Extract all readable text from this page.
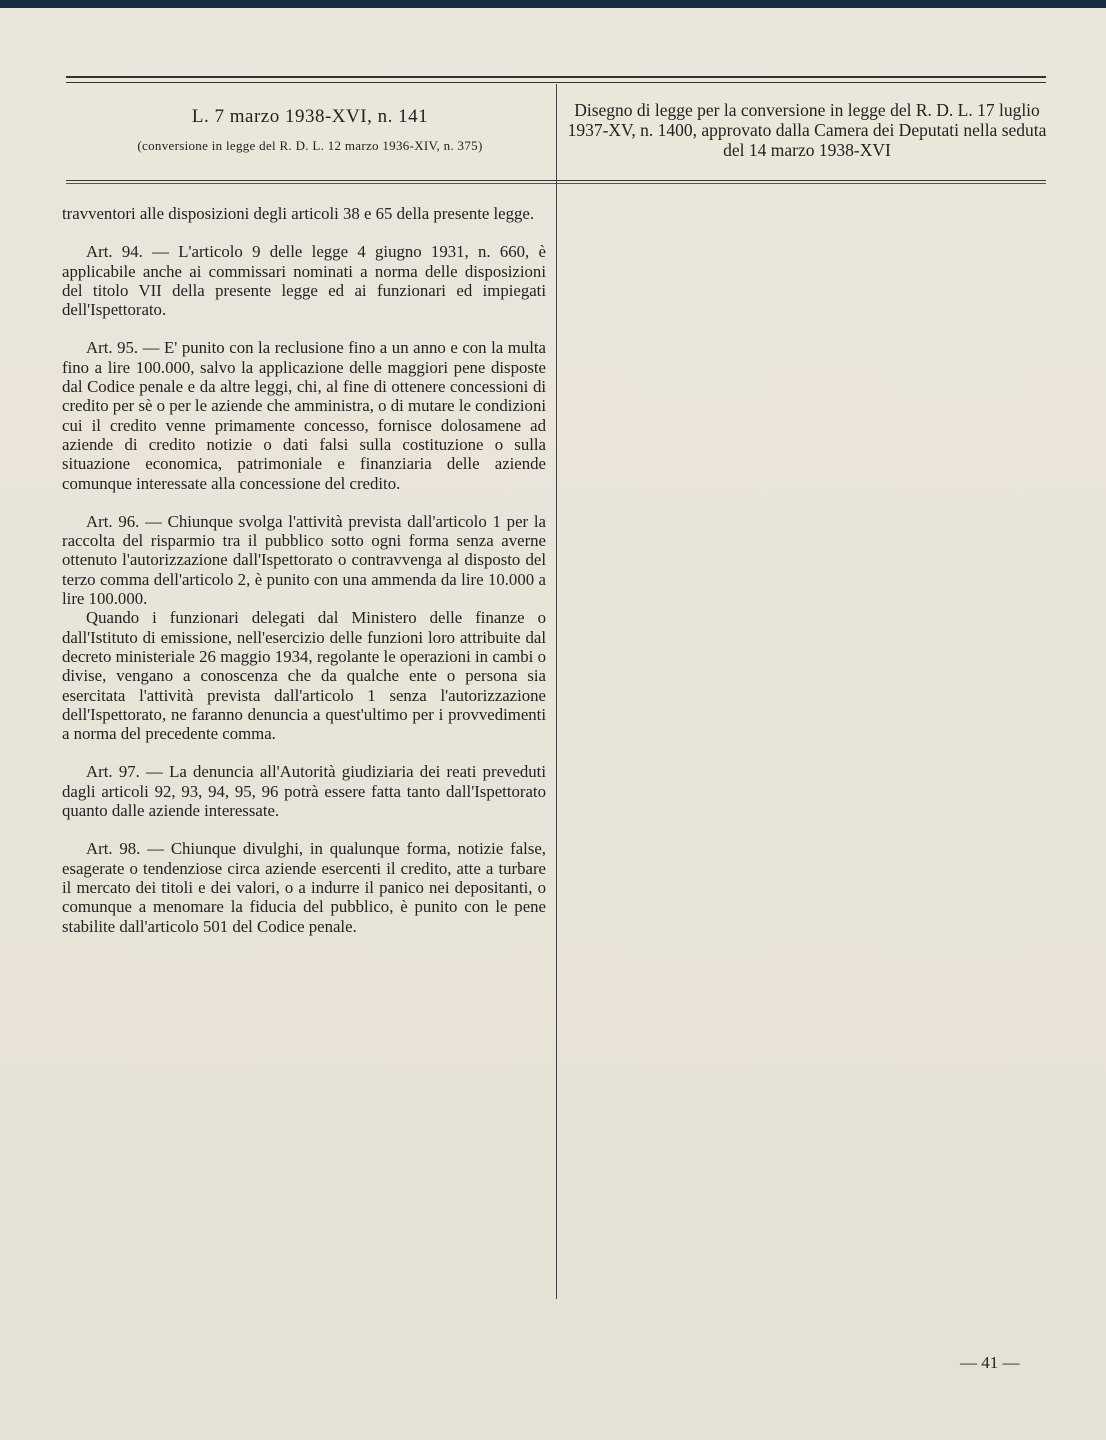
L. 7 marzo 1938-XVI, n. 141
(conversione in legge del R. D. L. 12 marzo 1936-XIV, n. 375)
Disegno di legge per la conversione in legge del R. D. L. 17 luglio 1937-XV, n. 1400, approvato dalla Camera dei Deputati nella seduta del 14 marzo 1938-XVI

travventori alle disposizioni degli articoli 38 e 65 della presente legge.

Art. 94. — L'articolo 9 delle legge 4 giugno 1931, n. 660, è applicabile anche ai commissari nominati a norma delle disposizioni del titolo VII della presente legge ed ai funzionari ed impiegati dell'Ispettorato.

Art. 95. — E' punito con la reclusione fino a un anno e con la multa fino a lire 100.000, salvo la applicazione delle maggiori pene disposte dal Codice penale e da altre leggi, chi, al fine di ottenere concessioni di credito per sè o per le aziende che amministra, o di mutare le condizioni cui il credito venne primamente concesso, fornisce dolosamene ad aziende di credito notizie o dati falsi sulla costituzione o sulla situazione economica, patrimoniale e finanziaria delle aziende comunque interessate alla concessione del credito.

Art. 96. — Chiunque svolga l'attività prevista dall'articolo 1 per la raccolta del risparmio tra il pubblico sotto ogni forma senza averne ottenuto l'autorizzazione dall'Ispettorato o contravvenga al disposto del terzo comma dell'articolo 2, è punito con una ammenda da lire 10.000 a lire 100.000.

Quando i funzionari delegati dal Ministero delle finanze o dall'Istituto di emissione, nell'esercizio delle funzioni loro attribuite dal decreto ministeriale 26 maggio 1934, regolante le operazioni in cambi o divise, vengano a conoscenza che da qualche ente o persona sia esercitata l'attività prevista dall'articolo 1 senza l'autorizzazione dell'Ispettorato, ne faranno denuncia a quest'ultimo per i provvedimenti a norma del precedente comma.

Art. 97. — La denuncia all'Autorità giudiziaria dei reati preveduti dagli articoli 92, 93, 94, 95, 96 potrà essere fatta tanto dall'Ispettorato quanto dalle aziende interessate.

Art. 98. — Chiunque divulghi, in qualunque forma, notizie false, esagerate o tendenziose circa aziende esercenti il credito, atte a turbare il mercato dei titoli e dei valori, o a indurre il panico nei depositanti, o comunque a menomare la fiducia del pubblico, è punito con le pene stabilite dall'articolo 501 del Codice penale.

— 41 —
